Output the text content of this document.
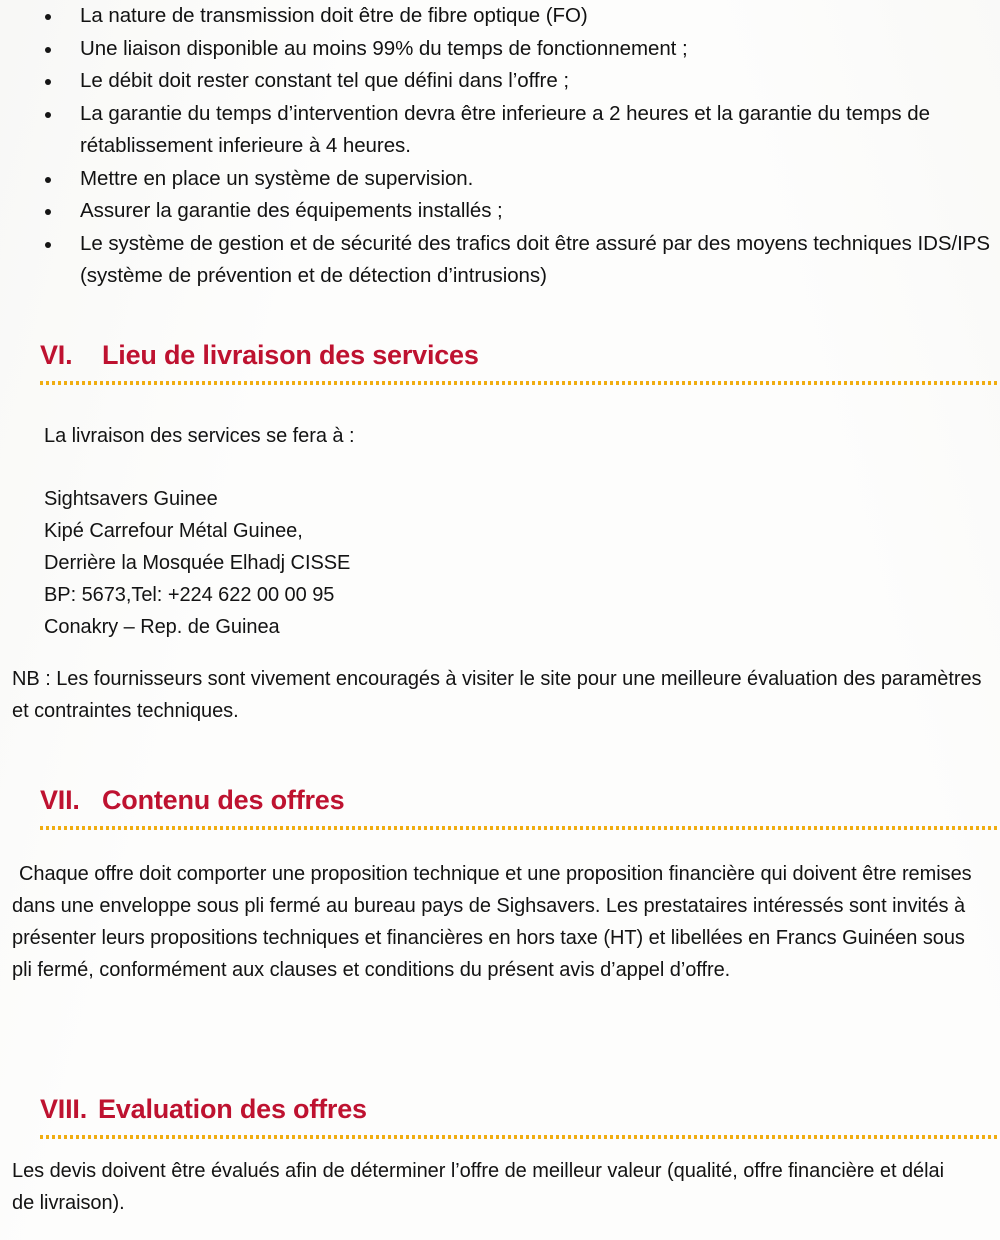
La nature de transmission doit être de fibre optique (FO)
Une liaison disponible au moins 99% du temps de fonctionnement ;
Le débit doit rester constant tel que défini dans l’offre ;
La garantie du temps d’intervention devra être inferieure a 2 heures et la garantie du temps de rétablissement inferieure à 4 heures.
Mettre en place un système de supervision.
Assurer la garantie des équipements installés ;
Le système de gestion et de sécurité des trafics doit être assuré par des moyens techniques IDS/IPS (système de prévention et de détection d’intrusions)
VI. Lieu de livraison des services
La livraison des services se fera à :
Sightsavers Guinee
Kipé Carrefour Métal Guinee,
Derrière la Mosquée Elhadj CISSE
BP: 5673,Tel: +224 622 00 00 95
Conakry – Rep. de Guinea
NB : Les fournisseurs sont vivement encouragés à visiter le site pour une meilleure évaluation des paramètres et contraintes techniques.
VII. Contenu des offres
Chaque offre doit comporter une proposition technique et une proposition financière qui doivent être remises dans une enveloppe sous pli fermé au bureau pays de Sighsavers. Les prestataires intéressés sont invités à présenter leurs propositions techniques et financières en hors taxe (HT) et libellées en Francs Guinéen sous pli fermé, conformément aux clauses et conditions du présent avis d’appel d’offre.
VIII. Evaluation des offres
Les devis doivent être évalués afin de déterminer l’offre de meilleur valeur (qualité, offre financière et délai de livraison).
